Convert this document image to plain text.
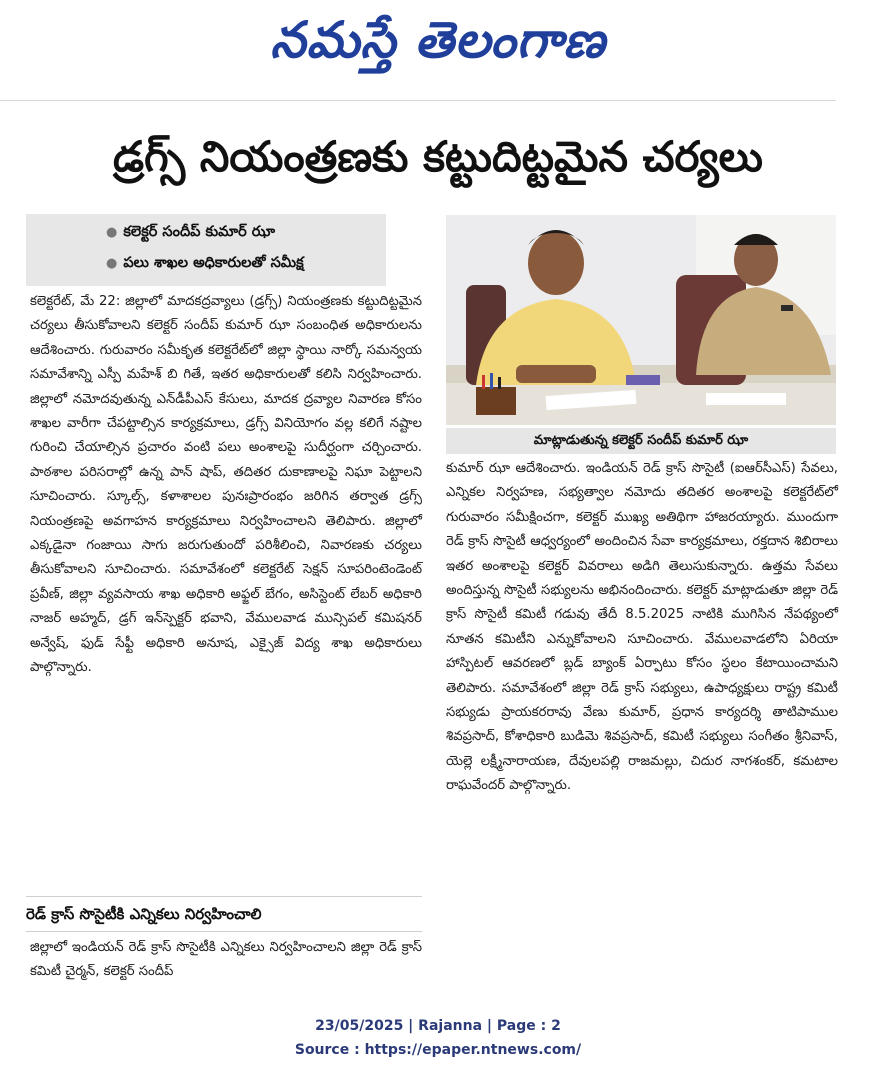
నమస్తే తెలంగాణ
డ్రగ్స్ నియంత్రణకు కట్టుదిట్టమైన చర్యలు
● కలెక్టర్ సందీప్ కుమార్ ఝా
● పలు శాఖల అధికారులతో సమీక్ష

కలెక్టరేట్, మే 22: జిల్లాలో మాదకద్రవ్యాలు (డ్రగ్స్) నియంత్రణకు కట్టుదిట్టమైన చర్యలు తీసుకోవాలని కలెక్టర్ సందీప్ కుమార్ ఝా సంబంధిత అధికారులను ఆదేశించారు. గురువారం సమీకృత కలెక్టరేట్‌లో జిల్లా స్థాయి నార్కో సమన్వయ సమావేశాన్ని ఎస్పీ మహేశ్ బి గితే, ఇతర అధికారులతో కలిసి నిర్వహించారు. జిల్లాలో నమోదవుతున్న ఎన్‌డీపీఎస్ కేసులు, మాదక ద్రవ్యాల నివారణ కోసం శాఖల వారీగా చేపట్టాల్సిన కార్యక్రమాలు, డ్రగ్స్ వినియోగం వల్ల కలిగే నష్టాల గురించి చేయాల్సిన ప్రచారం వంటి పలు అంశాలపై సుదీర్ఘంగా చర్చించారు. పాఠశాల పరిసరాల్లో ఉన్న పాన్ షాప్, తదితర దుకాణాలపై నిఘా పెట్టాలని సూచించారు. స్కూల్స్, కళాశాలల పునఃప్రారంభం జరిగిన తర్వాత డ్రగ్స్ నియంత్రణపై అవగాహన కార్యక్రమాలు నిర్వహించాలని తెలిపారు. జిల్లాలో ఎక్కడైనా గంజాయి సాగు జరుగుతుందో పరిశీలించి, నివారణకు చర్యలు తీసుకోవాలని సూచించారు. సమావేశంలో కలెక్టరేట్ సెక్షన్ సూపరింటెండెంట్ ప్రవీణ్, జిల్లా వ్యవసాయ శాఖ అధికారి అఫ్జల్ బేగం, అసిస్టెంట్ లేబర్ అధికారి నాజర్ అహ్మద్, డ్రగ్ ఇన్‌స్పెక్టర్ భవాని, వేములవాడ మున్సిపల్ కమిషనర్ అన్వేష్, ఫుడ్ సేఫ్టీ అధికారి అనూష, ఎక్సైజ్ విద్య శాఖ అధికారులు పాల్గొన్నారు.

రెడ్ క్రాస్ సొసైటీకి ఎన్నికలు నిర్వహించాలి

జిల్లాలో ఇండియన్ రెడ్ క్రాస్ సొసైటీకి ఎన్నికలు నిర్వహించాలని జిల్లా రెడ్ క్రాస్ కమిటీ చైర్మన్, కలెక్టర్ సందీప్

మాట్లాడుతున్న కలెక్టర్ సందీప్ కుమార్ ఝా

కుమార్ ఝా ఆదేశించారు. ఇండియన్ రెడ్ క్రాస్ సొసైటీ (ఐఆర్‌సీఎస్) సేవలు, ఎన్నికల నిర్వహణ, సభ్యత్వాల నమోదు తదితర అంశాలపై కలెక్టరేట్‌లో గురువారం సమీక్షించగా, కలెక్టర్ ముఖ్య అతిథిగా హాజరయ్యారు. ముందుగా రెడ్ క్రాస్ సొసైటీ ఆధ్వర్యంలో అందించిన సేవా కార్యక్రమాలు, రక్తదాన శిబిరాలు ఇతర అంశాలపై కలెక్టర్ వివరాలు అడిగి తెలుసుకున్నారు. ఉత్తమ సేవలు అందిస్తున్న సొసైటీ సభ్యులను అభినందించారు. కలెక్టర్ మాట్లాడుతూ జిల్లా రెడ్ క్రాస్ సొసైటీ కమిటీ గడువు తేదీ 8.5.2025 నాటికి ముగిసిన నేపథ్యంలో నూతన కమిటీని ఎన్నుకోవాలని సూచించారు. వేములవాడలోని ఏరియా హాస్పిటల్ ఆవరణలో బ్లడ్ బ్యాంక్ ఏర్పాటు కోసం స్థలం కేటాయించామని తెలిపారు. సమావేశంలో జిల్లా రెడ్ క్రాస్ సభ్యులు, ఉపాధ్యక్షులు రాష్ట్ర కమిటీ సభ్యుడు ప్రాయకరరావు వేణు కుమార్, ప్రధాన కార్యదర్శి తాటిపాముల శివప్రసాద్, కోశాధికారి బుడిమె శివప్రసాద్, కమిటీ సభ్యులు సంగీతం శ్రీనివాస్, యెల్లె లక్ష్మీనారాయణ, దేవులపల్లి రాజమల్లు, చిదుర నాగశంకర్, కమటాల రాఘవేందర్ పాల్గొన్నారు.

23/05/2025 | Rajanna | Page : 2
Source : https://epaper.ntnews.com/
